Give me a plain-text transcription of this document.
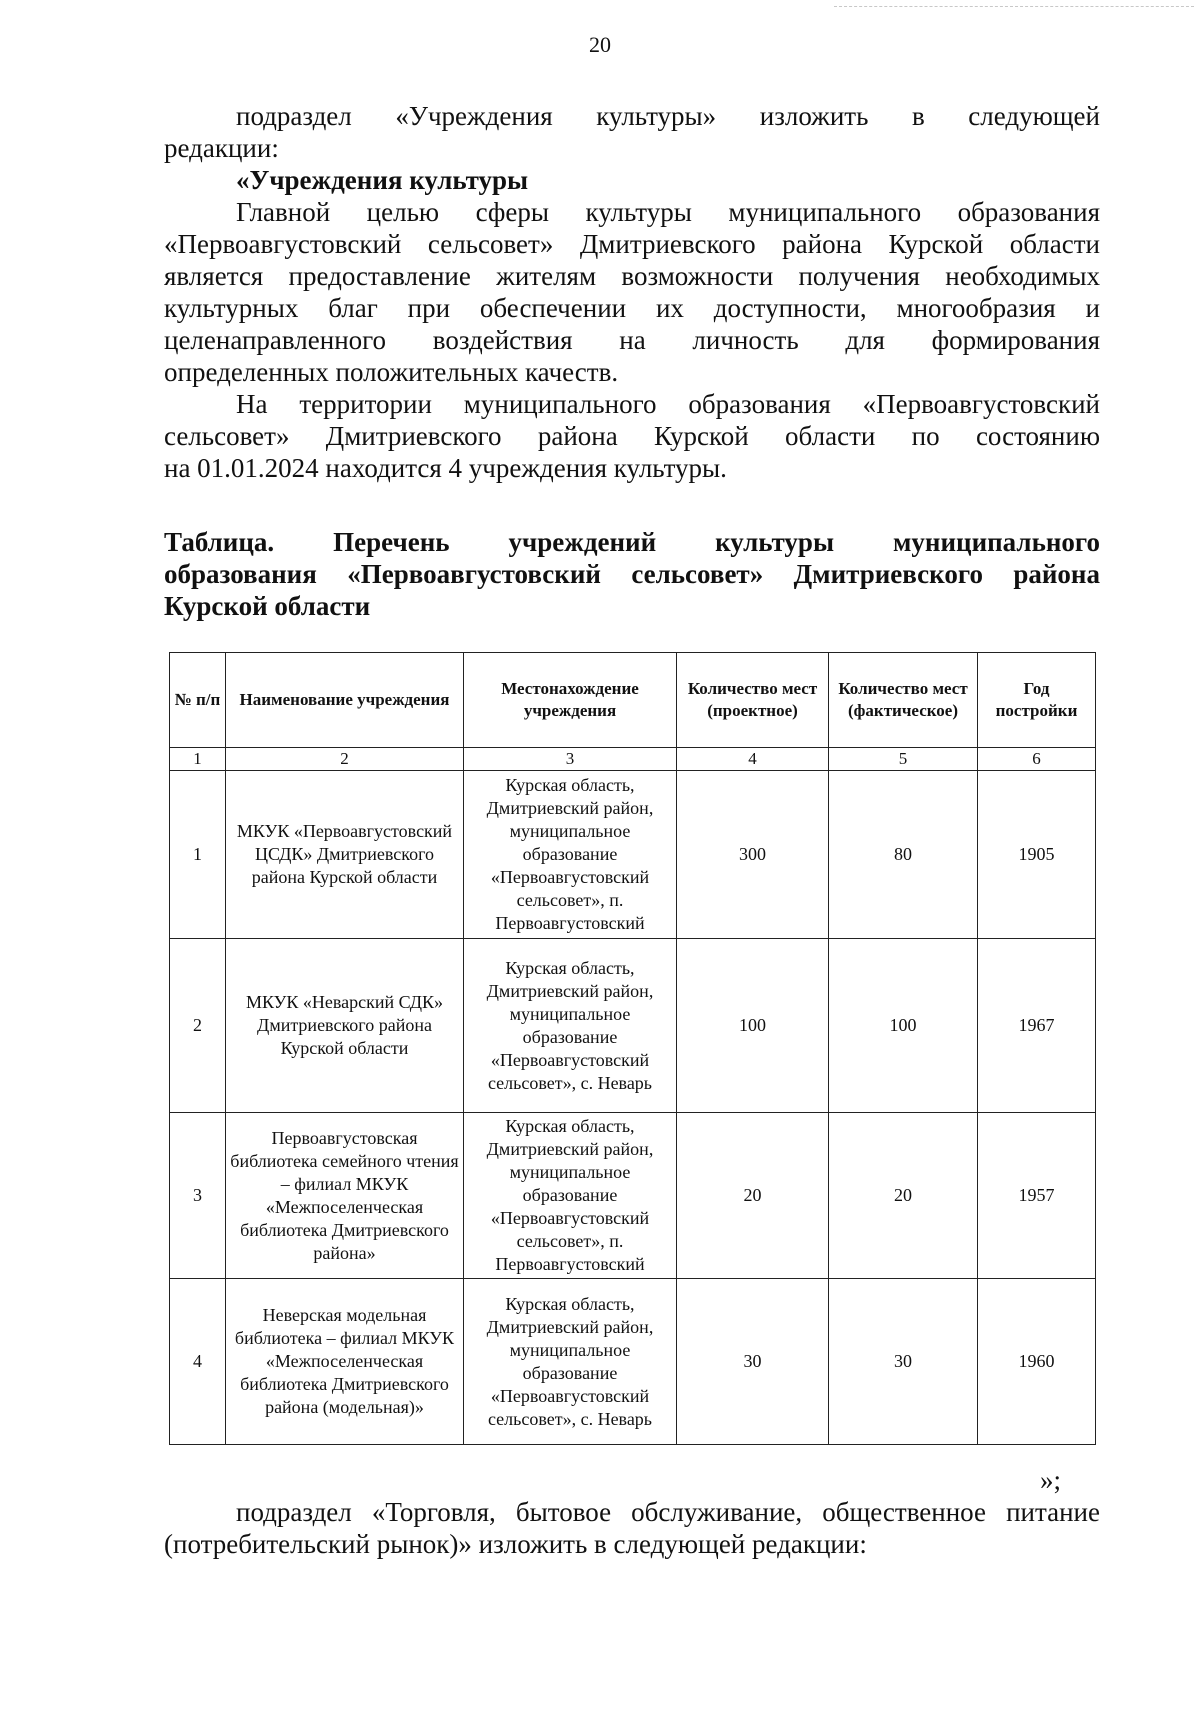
20
подраздел «Учреждения культуры» изложить в следующей
редакции:
«Учреждения культуры
Главной целью сферы культуры муниципального образования
«Первоавгустовский сельсовет» Дмитриевского района Курской области
является предоставление жителям возможности получения необходимых
культурных благ при обеспечении их доступности, многообразия и
целенаправленного воздействия на личность для формирования
определенных положительных качеств.
На территории муниципального образования «Первоавгустовский
сельсовет» Дмитриевского района Курской области по состоянию
на 01.01.2024 находится 4 учреждения культуры.
Таблица. Перечень учреждений культуры муниципального
образования «Первоавгустовский сельсовет» Дмитриевского района
Курской области
№ п/п	Наименование учреждения	Местонахождение учреждения	Количество мест (проектное)	Количество мест (фактическое)	Год постройки
1	2	3	4	5	6
1	МКУК «Первоавгустовский ЦСДК» Дмитриевского района Курской области	Курская область, Дмитриевский район, муниципальное образование «Первоавгустовский сельсовет», п. Первоавгустовский	300	80	1905
2	МКУК «Неварский СДК» Дмитриевского района Курской области	Курская область, Дмитриевский район, муниципальное образование «Первоавгустовский сельсовет», с. Неварь	100	100	1967
3	Первоавгустовская библиотека семейного чтения – филиал МКУК «Межпоселенческая библиотека Дмитриевского района»	Курская область, Дмитриевский район, муниципальное образование «Первоавгустовский сельсовет», п. Первоавгустовский	20	20	1957
4	Неверская модельная библиотека – филиал МКУК «Межпоселенческая библиотека Дмитриевского района (модельная)»	Курская область, Дмитриевский район, муниципальное образование «Первоавгустовский сельсовет», с. Неварь	30	30	1960
»;
подраздел «Торговля, бытовое обслуживание, общественное питание
(потребительский рынок)» изложить в следующей редакции:
